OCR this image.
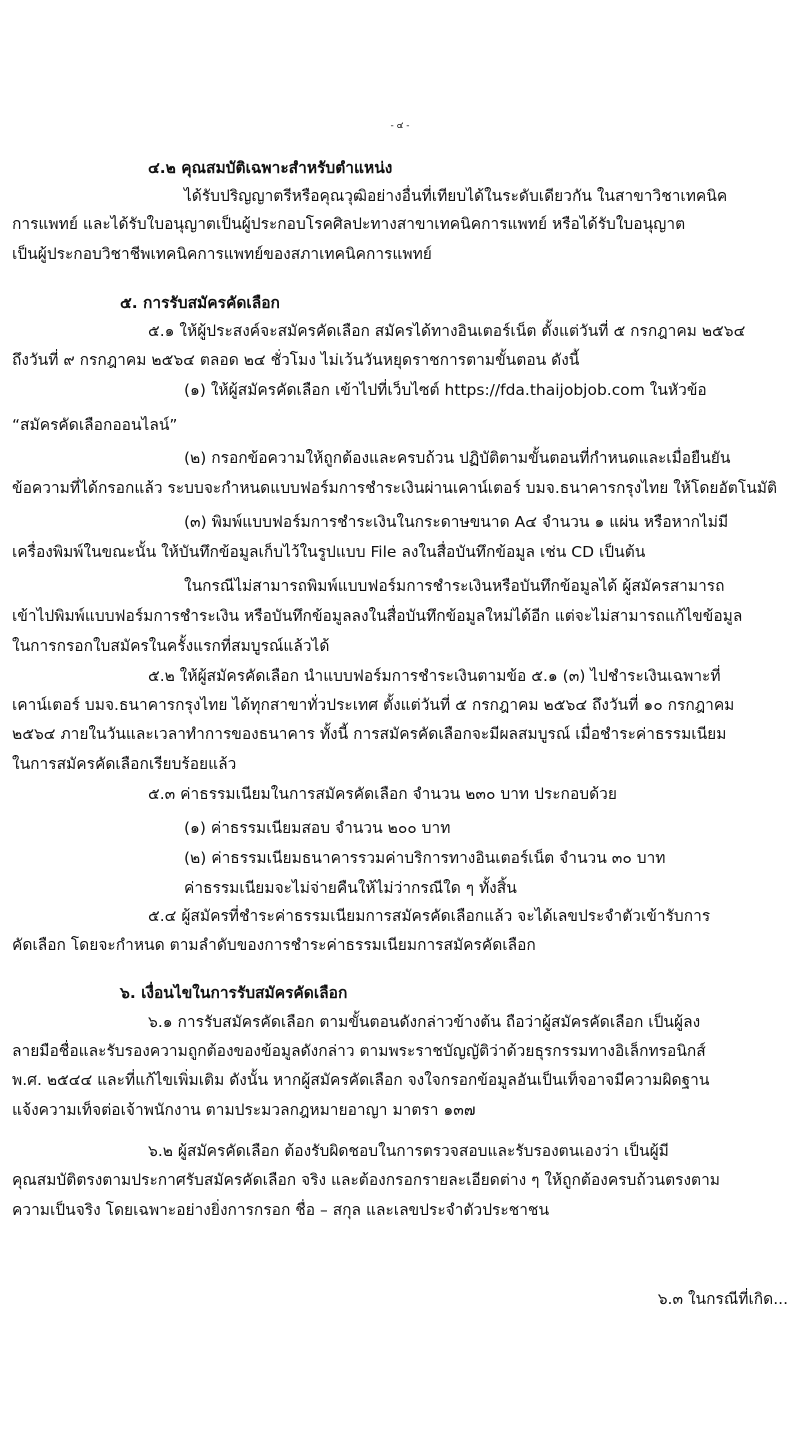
- ๔ -
๔.๒ คุณสมบัติเฉพาะสำหรับตำแหน่ง
ได้รับปริญญาตรีหรือคุณวุฒิอย่างอื่นที่เทียบได้ในระดับเดียวกัน ในสาขาวิชาเทคนิค
การแพทย์ และได้รับใบอนุญาตเป็นผู้ประกอบโรคศิลปะทางสาขาเทคนิคการแพทย์ หรือได้รับใบอนุญาต
เป็นผู้ประกอบวิชาชีพเทคนิคการแพทย์ของสภาเทคนิคการแพทย์
๕. การรับสมัครคัดเลือก
๕.๑ ให้ผู้ประสงค์จะสมัครคัดเลือก สมัครได้ทางอินเตอร์เน็ต ตั้งแต่วันที่ ๕ กรกฎาคม ๒๕๖๔
ถึงวันที่ ๙ กรกฎาคม ๒๕๖๔ ตลอด ๒๔ ชั่วโมง ไม่เว้นวันหยุดราชการตามขั้นตอน ดังนี้
(๑) ให้ผู้สมัครคัดเลือก เข้าไปที่เว็บไซต์ https://fda.thaijobjob.com ในหัวข้อ
“สมัครคัดเลือกออนไลน์”
(๒) กรอกข้อความให้ถูกต้องและครบถ้วน ปฏิบัติตามขั้นตอนที่กำหนดและเมื่อยืนยัน
ข้อความที่ได้กรอกแล้ว ระบบจะกำหนดแบบฟอร์มการชำระเงินผ่านเคาน์เตอร์ บมจ.ธนาคารกรุงไทย ให้โดยอัตโนมัติ
(๓) พิมพ์แบบฟอร์มการชำระเงินในกระดาษขนาด A๔ จำนวน ๑ แผ่น หรือหากไม่มี
เครื่องพิมพ์ในขณะนั้น ให้บันทึกข้อมูลเก็บไว้ในรูปแบบ File ลงในสื่อบันทึกข้อมูล เช่น CD เป็นต้น
ในกรณีไม่สามารถพิมพ์แบบฟอร์มการชำระเงินหรือบันทึกข้อมูลได้ ผู้สมัครสามารถ
เข้าไปพิมพ์แบบฟอร์มการชำระเงิน หรือบันทึกข้อมูลลงในสื่อบันทึกข้อมูลใหม่ได้อีก แต่จะไม่สามารถแก้ไขข้อมูล
ในการกรอกใบสมัครในครั้งแรกที่สมบูรณ์แล้วได้
๕.๒ ให้ผู้สมัครคัดเลือก นำแบบฟอร์มการชำระเงินตามข้อ ๕.๑ (๓) ไปชำระเงินเฉพาะที่
เคาน์เตอร์ บมจ.ธนาคารกรุงไทย ได้ทุกสาขาทั่วประเทศ ตั้งแต่วันที่ ๕ กรกฎาคม ๒๕๖๔ ถึงวันที่ ๑๐ กรกฎาคม
๒๕๖๔ ภายในวันและเวลาทำการของธนาคาร ทั้งนี้ การสมัครคัดเลือกจะมีผลสมบูรณ์ เมื่อชำระค่าธรรมเนียม
ในการสมัครคัดเลือกเรียบร้อยแล้ว
๕.๓ ค่าธรรมเนียมในการสมัครคัดเลือก จำนวน ๒๓๐ บาท ประกอบด้วย
(๑) ค่าธรรมเนียมสอบ จำนวน ๒๐๐ บาท
(๒) ค่าธรรมเนียมธนาคารรวมค่าบริการทางอินเตอร์เน็ต จำนวน ๓๐ บาท
ค่าธรรมเนียมจะไม่จ่ายคืนให้ไม่ว่ากรณีใด ๆ ทั้งสิ้น
๕.๔ ผู้สมัครที่ชำระค่าธรรมเนียมการสมัครคัดเลือกแล้ว จะได้เลขประจำตัวเข้ารับการ
คัดเลือก โดยจะกำหนด ตามลำดับของการชำระค่าธรรมเนียมการสมัครคัดเลือก
๖. เงื่อนไขในการรับสมัครคัดเลือก
๖.๑ การรับสมัครคัดเลือก ตามขั้นตอนดังกล่าวข้างต้น ถือว่าผู้สมัครคัดเลือก เป็นผู้ลง
ลายมือชื่อและรับรองความถูกต้องของข้อมูลดังกล่าว ตามพระราชบัญญัติว่าด้วยธุรกรรมทางอิเล็กทรอนิกส์
พ.ศ. ๒๕๔๔ และที่แก้ไขเพิ่มเติม ดังนั้น หากผู้สมัครคัดเลือก จงใจกรอกข้อมูลอันเป็นเท็จอาจมีความผิดฐาน
แจ้งความเท็จต่อเจ้าพนักงาน ตามประมวลกฎหมายอาญา มาตรา ๑๓๗
๖.๒ ผู้สมัครคัดเลือก ต้องรับผิดชอบในการตรวจสอบและรับรองตนเองว่า เป็นผู้มี
คุณสมบัติตรงตามประกาศรับสมัครคัดเลือก จริง และต้องกรอกรายละเอียดต่าง ๆ ให้ถูกต้องครบถ้วนตรงตาม
ความเป็นจริง โดยเฉพาะอย่างยิ่งการกรอก ชื่อ – สกุล และเลขประจำตัวประชาชน
๖.๓ ในกรณีที่เกิด...
